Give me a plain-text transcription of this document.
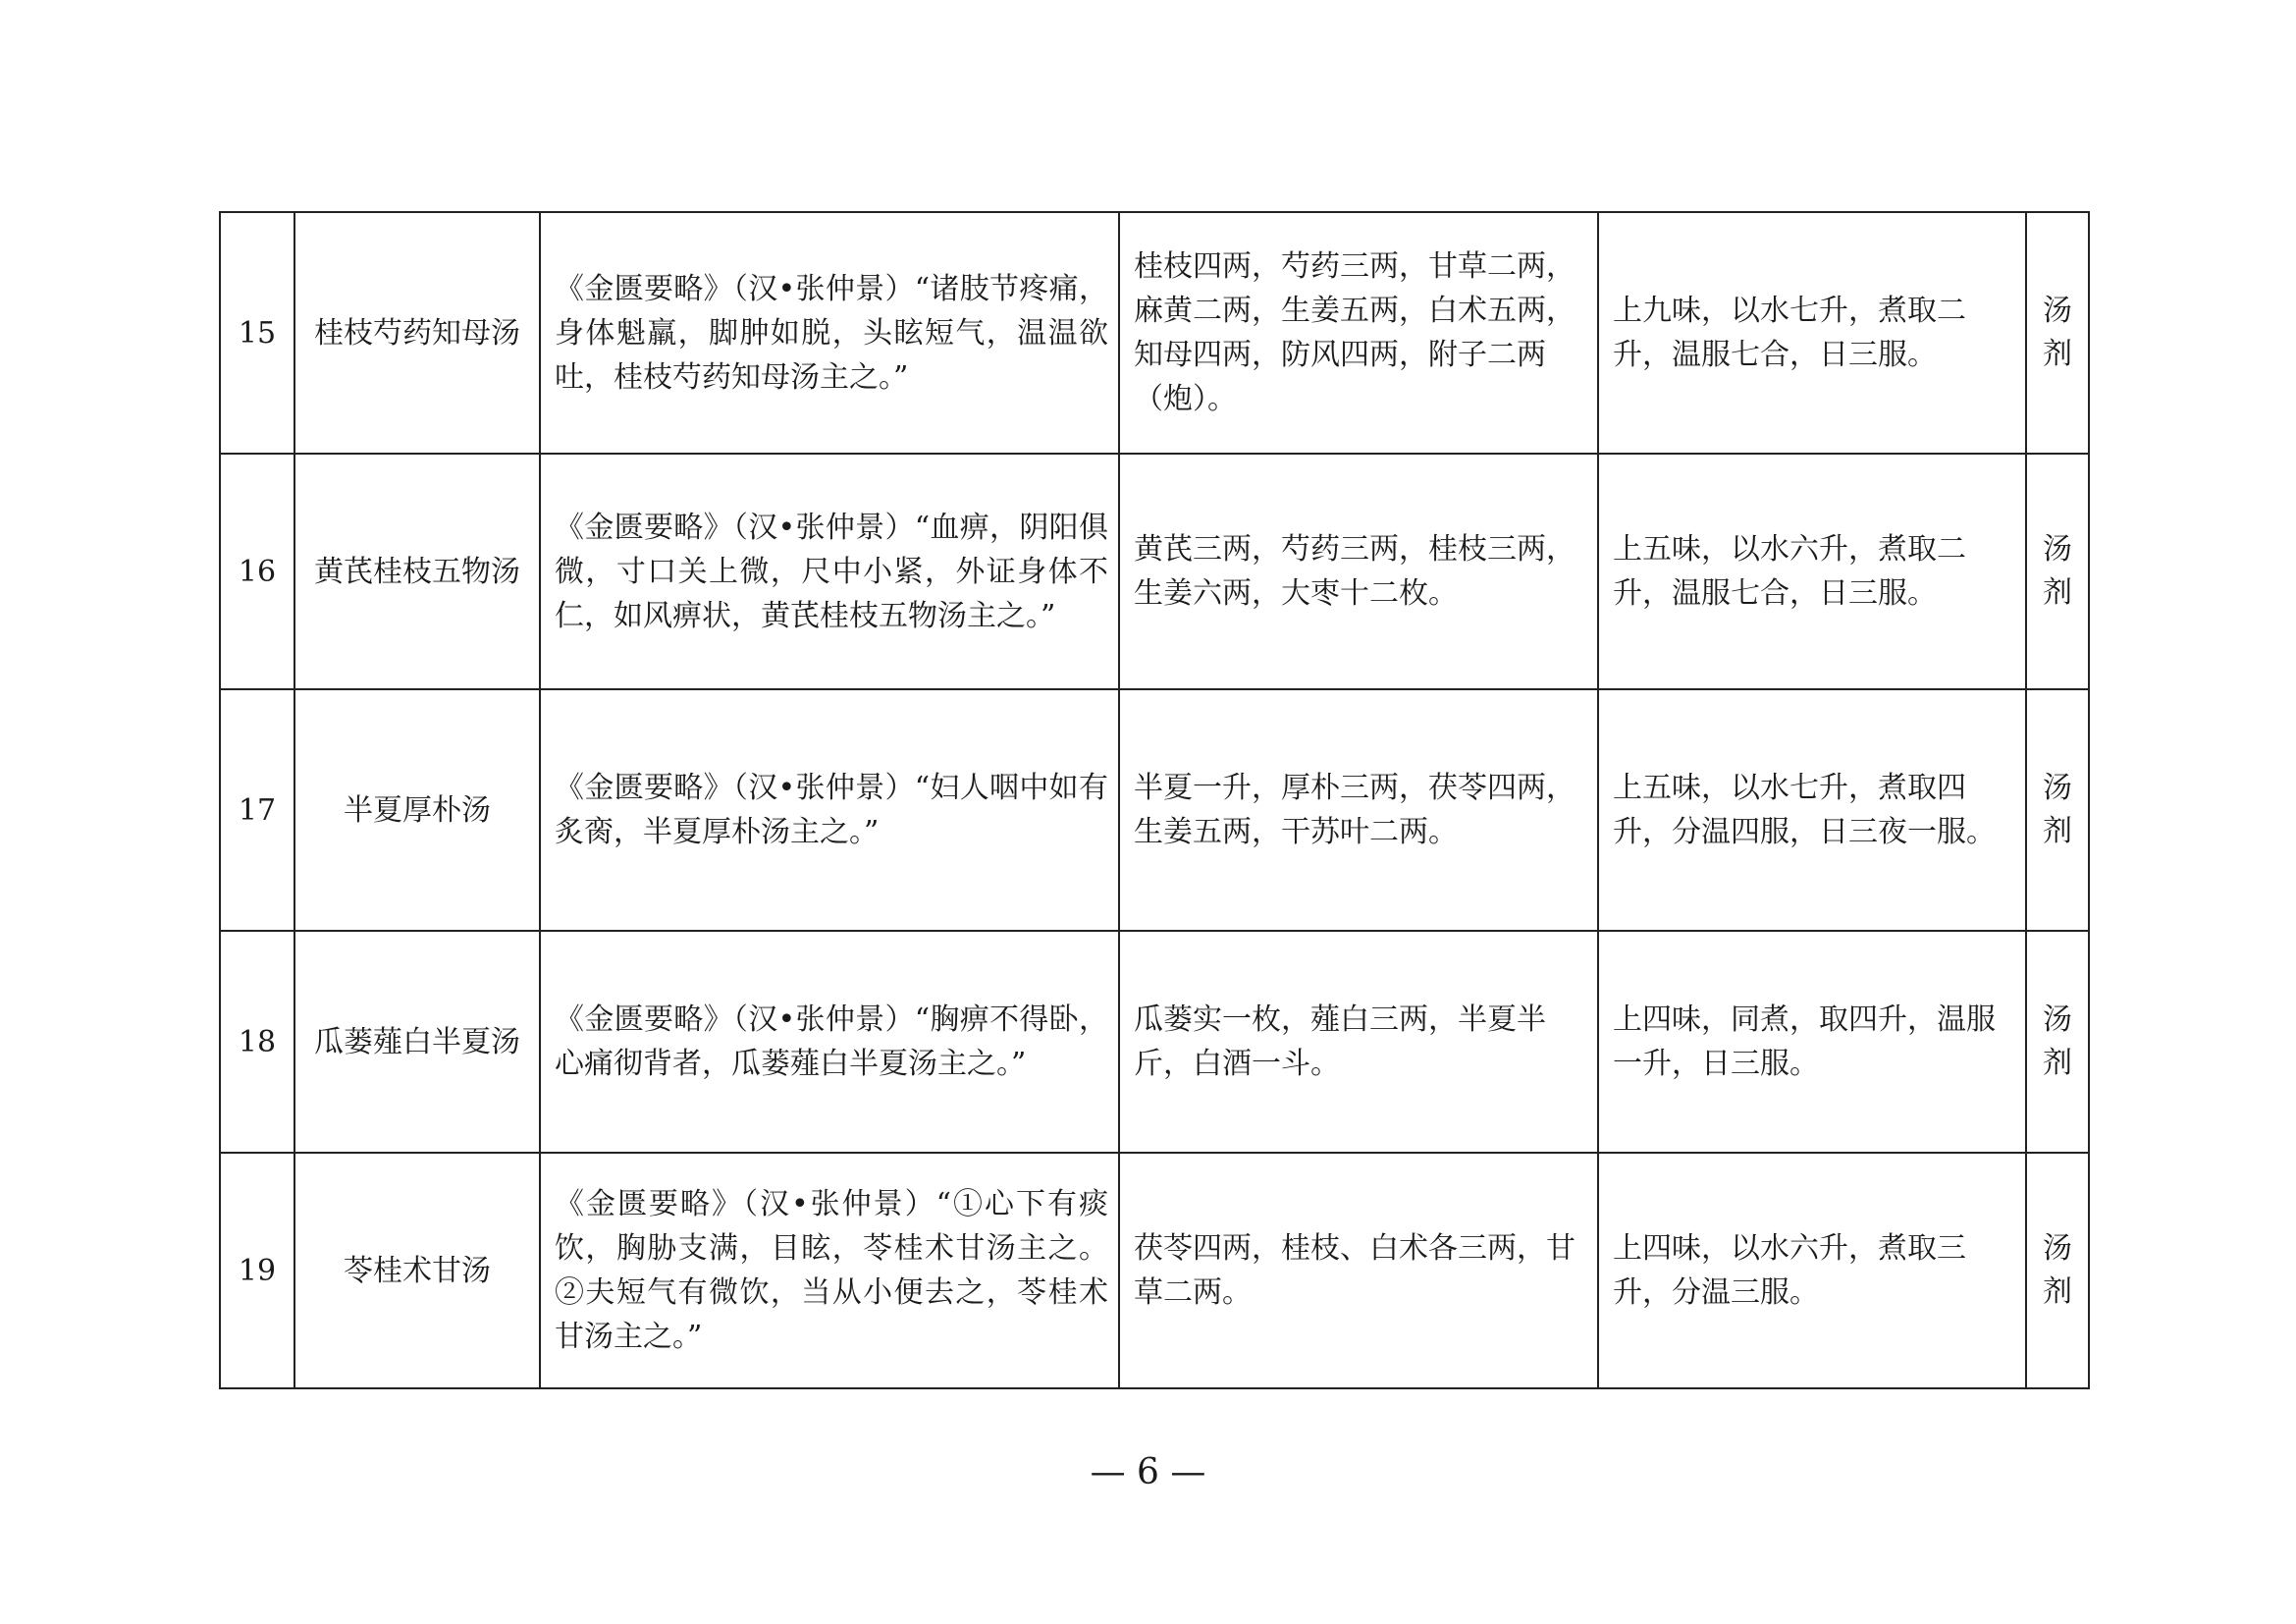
15	桂枝芍药知母汤	《金匮要略》（汉•张仲景）“诸肢节疼痛，身体魁羸，脚肿如脱，头眩短气，温温欲吐，桂枝芍药知母汤主之。”	桂枝四两，芍药三两，甘草二两，麻黄二两，生姜五两，白术五两，知母四两，防风四两，附子二两（炮）。	上九味，以水七升，煮取二升，温服七合，日三服。	汤剂
16	黄芪桂枝五物汤	《金匮要略》（汉•张仲景）“血痹，阴阳俱微，寸口关上微，尺中小紧，外证身体不仁，如风痹状，黄芪桂枝五物汤主之。”	黄芪三两，芍药三两，桂枝三两，生姜六两，大枣十二枚。	上五味，以水六升，煮取二升，温服七合，日三服。	汤剂
17	半夏厚朴汤	《金匮要略》（汉•张仲景）“妇人咽中如有炙脔，半夏厚朴汤主之。”	半夏一升，厚朴三两，茯苓四两，生姜五两，干苏叶二两。	上五味，以水七升，煮取四升，分温四服，日三夜一服。	汤剂
18	瓜蒌薤白半夏汤	《金匮要略》（汉•张仲景）“胸痹不得卧，心痛彻背者，瓜蒌薤白半夏汤主之。”	瓜蒌实一枚，薤白三两，半夏半斤，白酒一斗。	上四味，同煮，取四升，温服一升，日三服。	汤剂
19	苓桂术甘汤	《金匮要略》（汉•张仲景）“①心下有痰饮，胸胁支满，目眩，苓桂术甘汤主之。②夫短气有微饮，当从小便去之，苓桂术甘汤主之。”	茯苓四两，桂枝、白术各三两，甘草二两。	上四味，以水六升，煮取三升，分温三服。	汤剂
— 6 —
